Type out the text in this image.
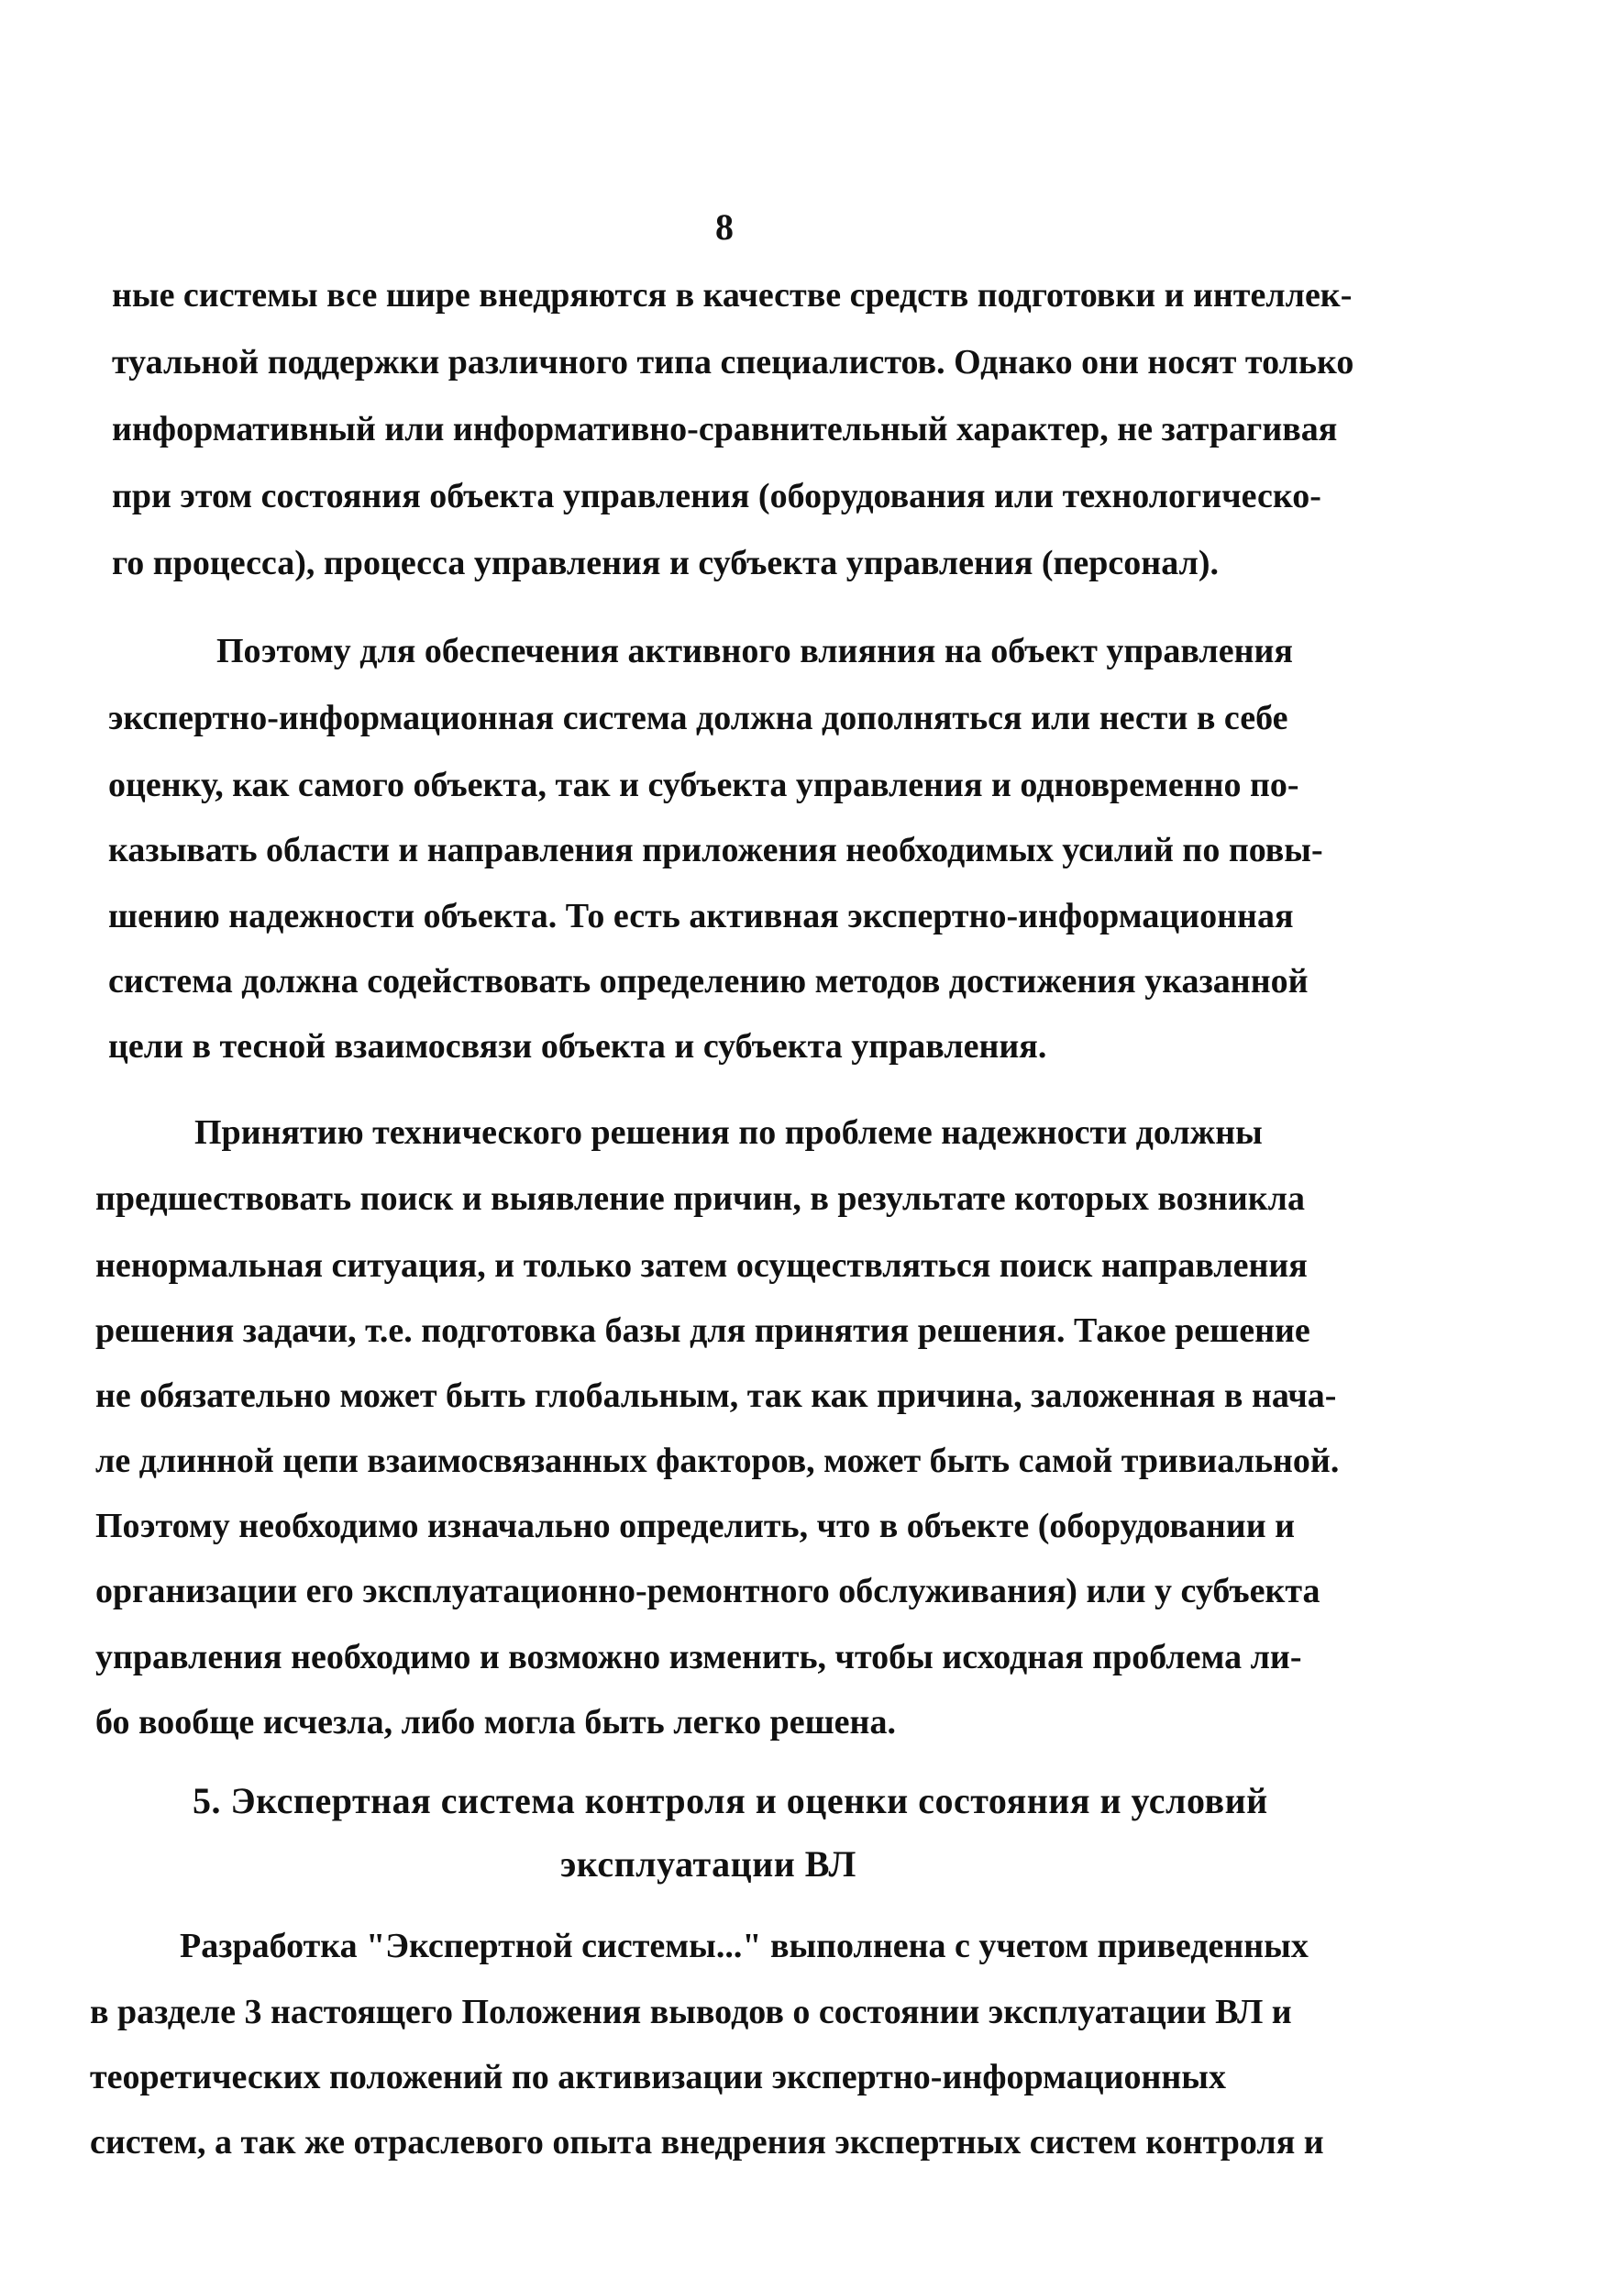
8
ные системы все шире внедряются в качестве средств подготовки и интеллек-
туальной поддержки различного типа специалистов. Однако они носят только
информативный или информативно-сравнительный характер, не затрагивая
при этом состояния объекта управления (оборудования или технологическо-
го процесса), процесса управления и субъекта управления (персонал).
Поэтому для обеспечения активного влияния на объект управления
экспертно-информационная система должна дополняться или нести в себе
оценку, как самого объекта, так и субъекта управления и одновременно по-
казывать области и направления приложения необходимых усилий по повы-
шению надежности объекта. То есть активная экспертно-информационная
система должна содействовать определению методов достижения указанной
цели в тесной взаимосвязи объекта и субъекта управления.
Принятию технического решения по проблеме надежности должны
предшествовать поиск и выявление причин, в результате которых возникла
ненормальная ситуация, и только затем осуществляться поиск направления
решения задачи, т.е. подготовка базы для принятия решения. Такое решение
не обязательно может быть глобальным, так как причина, заложенная в нача-
ле длинной цепи взаимосвязанных факторов, может быть самой тривиальной.
Поэтому необходимо изначально определить, что в объекте (оборудовании и
организации его эксплуатационно-ремонтного обслуживания) или у субъекта
управления необходимо и возможно изменить, чтобы исходная проблема ли-
бо вообще исчезла, либо могла быть легко решена.
5. Экспертная система контроля и оценки состояния и условий
эксплуатации ВЛ
Разработка "Экспертной системы..." выполнена с учетом приведенных
в разделе 3 настоящего Положения выводов о состоянии эксплуатации ВЛ и
теоретических положений по активизации экспертно-информационных
систем, а так же отраслевого опыта внедрения экспертных систем контроля и
